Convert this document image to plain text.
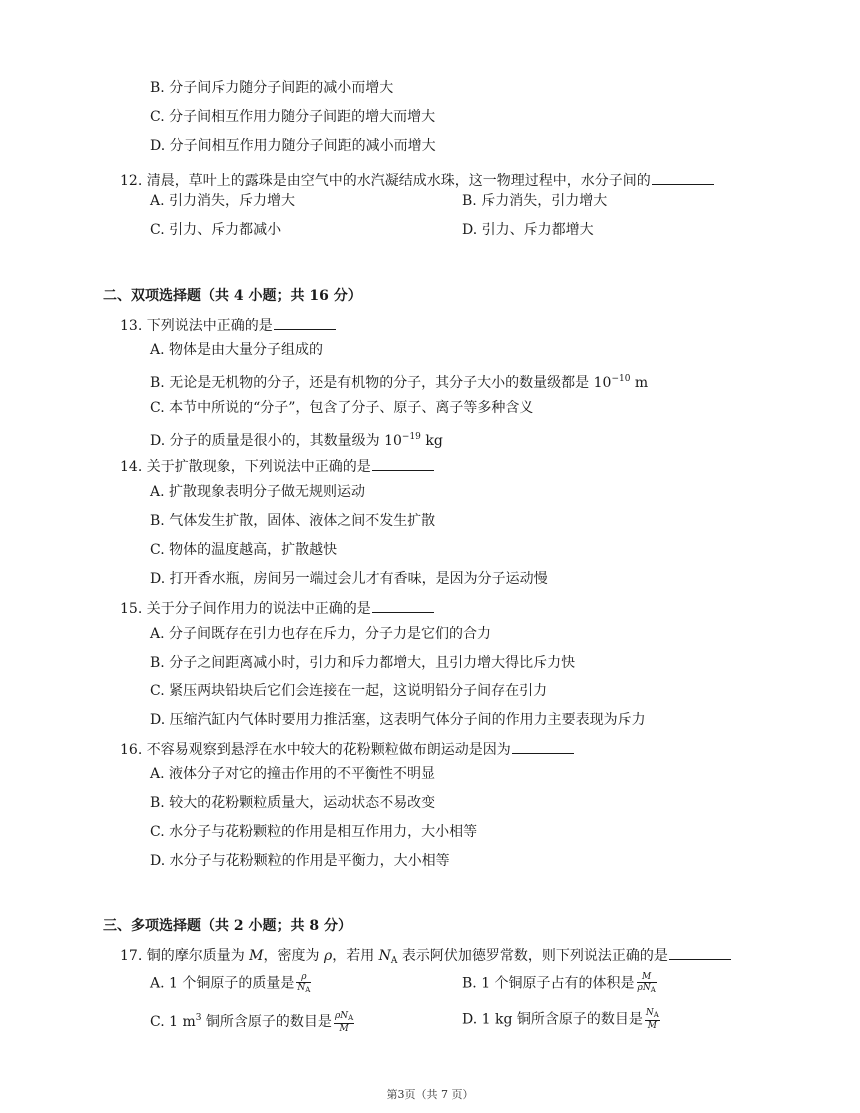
B. 分子间斥力随分子间距的减小而增大
C. 分子间相互作用力随分子间距的增大而增大
D. 分子间相互作用力随分子间距的减小而增大
12. 清晨，草叶上的露珠是由空气中的水汽凝结成水珠，这一物理过程中，水分子间的
A. 引力消失，斥力增大	B. 斥力消失，引力增大
C. 引力、斥力都减小	D. 引力、斥力都增大
二、双项选择题（共 4 小题；共 16 分）
13. 下列说法中正确的是
A. 物体是由大量分子组成的
B. 无论是无机物的分子，还是有机物的分子，其分子大小的数量级都是 $10^{-10}$ m
C. 本节中所说的“分子”，包含了分子、原子、离子等多种含义
D. 分子的质量是很小的，其数量级为 $10^{-19}$ kg
14. 关于扩散现象，下列说法中正确的是
A. 扩散现象表明分子做无规则运动
B. 气体发生扩散，固体、液体之间不发生扩散
C. 物体的温度越高，扩散越快
D. 打开香水瓶，房间另一端过会儿才有香味，是因为分子运动慢
15. 关于分子间作用力的说法中正确的是
A. 分子间既存在引力也存在斥力，分子力是它们的合力
B. 分子之间距离减小时，引力和斥力都增大，且引力增大得比斥力快
C. 紧压两块铅块后它们会连接在一起，这说明铅分子间存在引力
D. 压缩汽缸内气体时要用力推活塞，这表明气体分子间的作用力主要表现为斥力
16. 不容易观察到悬浮在水中较大的花粉颗粒做布朗运动是因为
A. 液体分子对它的撞击作用的不平衡性不明显
B. 较大的花粉颗粒质量大，运动状态不易改变
C. 水分子与花粉颗粒的作用是相互作用力，大小相等
D. 水分子与花粉颗粒的作用是平衡力，大小相等
三、多项选择题（共 2 小题；共 8 分）
17. 铜的摩尔质量为 M，密度为 ρ，若用 $N_A$ 表示阿伏加德罗常数，则下列说法正确的是
A. 1 个铜原子的质量是 $\frac{\rho}{N_A}$	B. 1 个铜原子占有的体积是 $\frac{M}{\rho N_A}$
C. 1 $m^3$ 铜所含原子的数目是 $\frac{\rho N_A}{M}$	D. 1 kg 铜所含原子的数目是 $\frac{N_A}{M}$
第3页（共 7 页）
